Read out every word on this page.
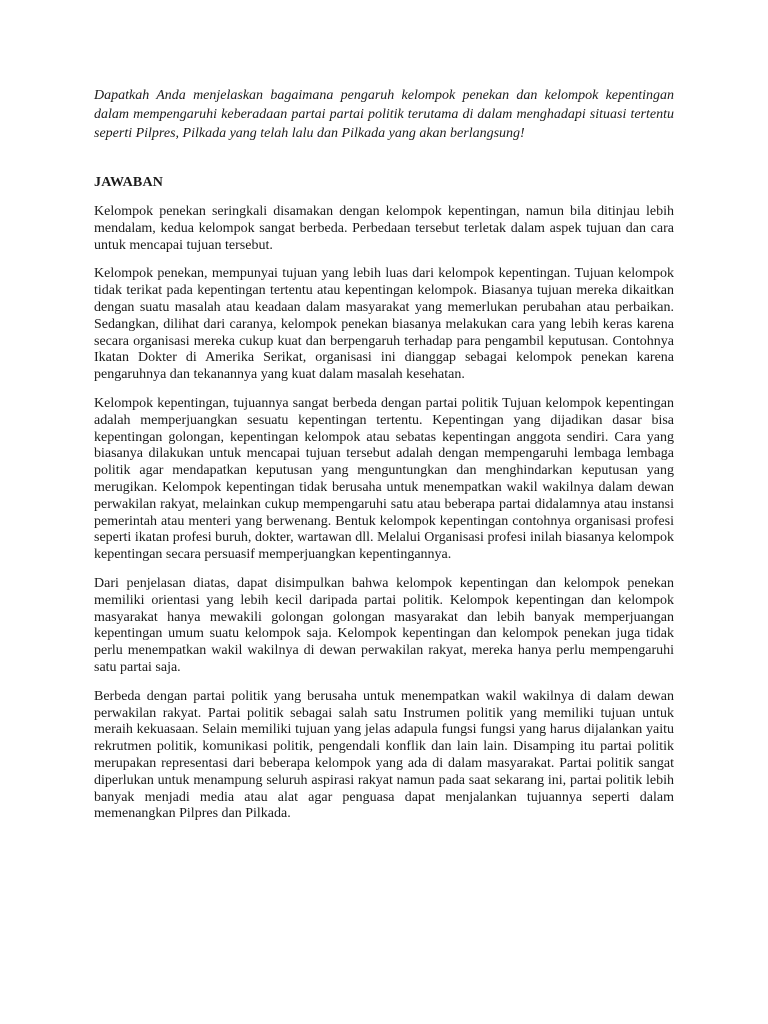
Dapatkah Anda menjelaskan bagaimana pengaruh kelompok penekan dan kelompok kepentingan dalam mempengaruhi keberadaan partai partai politik terutama di dalam menghadapi situasi tertentu seperti Pilpres, Pilkada yang telah lalu dan Pilkada yang akan berlangsung!

JAWABAN

Kelompok penekan seringkali disamakan dengan kelompok kepentingan, namun bila ditinjau lebih mendalam, kedua kelompok sangat berbeda. Perbedaan tersebut terletak dalam aspek tujuan dan cara untuk mencapai tujuan tersebut.

Kelompok penekan, mempunyai tujuan yang lebih luas dari kelompok kepentingan. Tujuan kelompok tidak terikat pada kepentingan tertentu atau kepentingan kelompok. Biasanya tujuan mereka dikaitkan dengan suatu masalah atau keadaan dalam masyarakat yang memerlukan perubahan atau perbaikan. Sedangkan, dilihat dari caranya, kelompok penekan biasanya melakukan cara yang lebih keras karena secara organisasi mereka cukup kuat dan berpengaruh terhadap para pengambil keputusan. Contohnya Ikatan Dokter di Amerika Serikat, organisasi ini dianggap sebagai kelompok penekan karena pengaruhnya dan tekanannya yang kuat dalam masalah kesehatan.

Kelompok kepentingan, tujuannya sangat berbeda dengan partai politik Tujuan kelompok kepentingan adalah memperjuangkan sesuatu kepentingan tertentu. Kepentingan yang dijadikan dasar bisa kepentingan golongan, kepentingan kelompok atau sebatas kepentingan anggota sendiri. Cara yang biasanya dilakukan untuk mencapai tujuan tersebut adalah dengan mempengaruhi lembaga lembaga politik agar mendapatkan keputusan yang menguntungkan dan menghindarkan keputusan yang merugikan. Kelompok kepentingan tidak berusaha untuk menempatkan wakil wakilnya dalam dewan perwakilan rakyat, melainkan cukup mempengaruhi satu atau beberapa partai didalamnya atau instansi pemerintah atau menteri yang berwenang. Bentuk kelompok kepentingan contohnya organisasi profesi seperti ikatan profesi buruh, dokter, wartawan dll. Melalui Organisasi profesi inilah biasanya kelompok kepentingan secara persuasif memperjuangkan kepentingannya.

Dari penjelasan diatas, dapat disimpulkan bahwa kelompok kepentingan dan kelompok penekan memiliki orientasi yang lebih kecil daripada partai politik. Kelompok kepentingan dan kelompok masyarakat hanya mewakili golongan golongan masyarakat dan lebih banyak memperjuangan kepentingan umum suatu kelompok saja. Kelompok kepentingan dan kelompok penekan juga tidak perlu menempatkan wakil wakilnya di dewan perwakilan rakyat, mereka hanya perlu mempengaruhi satu partai saja.

Berbeda dengan partai politik yang berusaha untuk menempatkan wakil wakilnya di dalam dewan perwakilan rakyat. Partai politik sebagai salah satu Instrumen politik yang memiliki tujuan untuk meraih kekuasaan. Selain memiliki tujuan yang jelas adapula fungsi fungsi yang harus dijalankan yaitu rekrutmen politik, komunikasi politik, pengendali konflik dan lain lain. Disamping itu partai politik merupakan representasi dari beberapa kelompok yang ada di dalam masyarakat. Partai politik sangat diperlukan untuk menampung seluruh aspirasi rakyat namun pada saat sekarang ini, partai politik lebih banyak menjadi media atau alat agar penguasa dapat menjalankan tujuannya seperti dalam memenangkan Pilpres dan Pilkada.
